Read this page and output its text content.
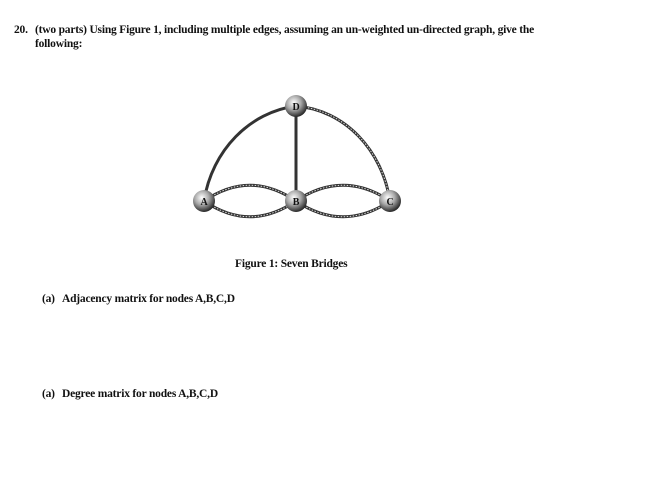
20. (two parts) Using Figure 1, including multiple edges, assuming an un-weighted un-directed graph, give the
following:
D
A	B	C
Figure 1: Seven Bridges
(a) Adjacency matrix for nodes A,B,C,D
(a) Degree matrix for nodes A,B,C,D
